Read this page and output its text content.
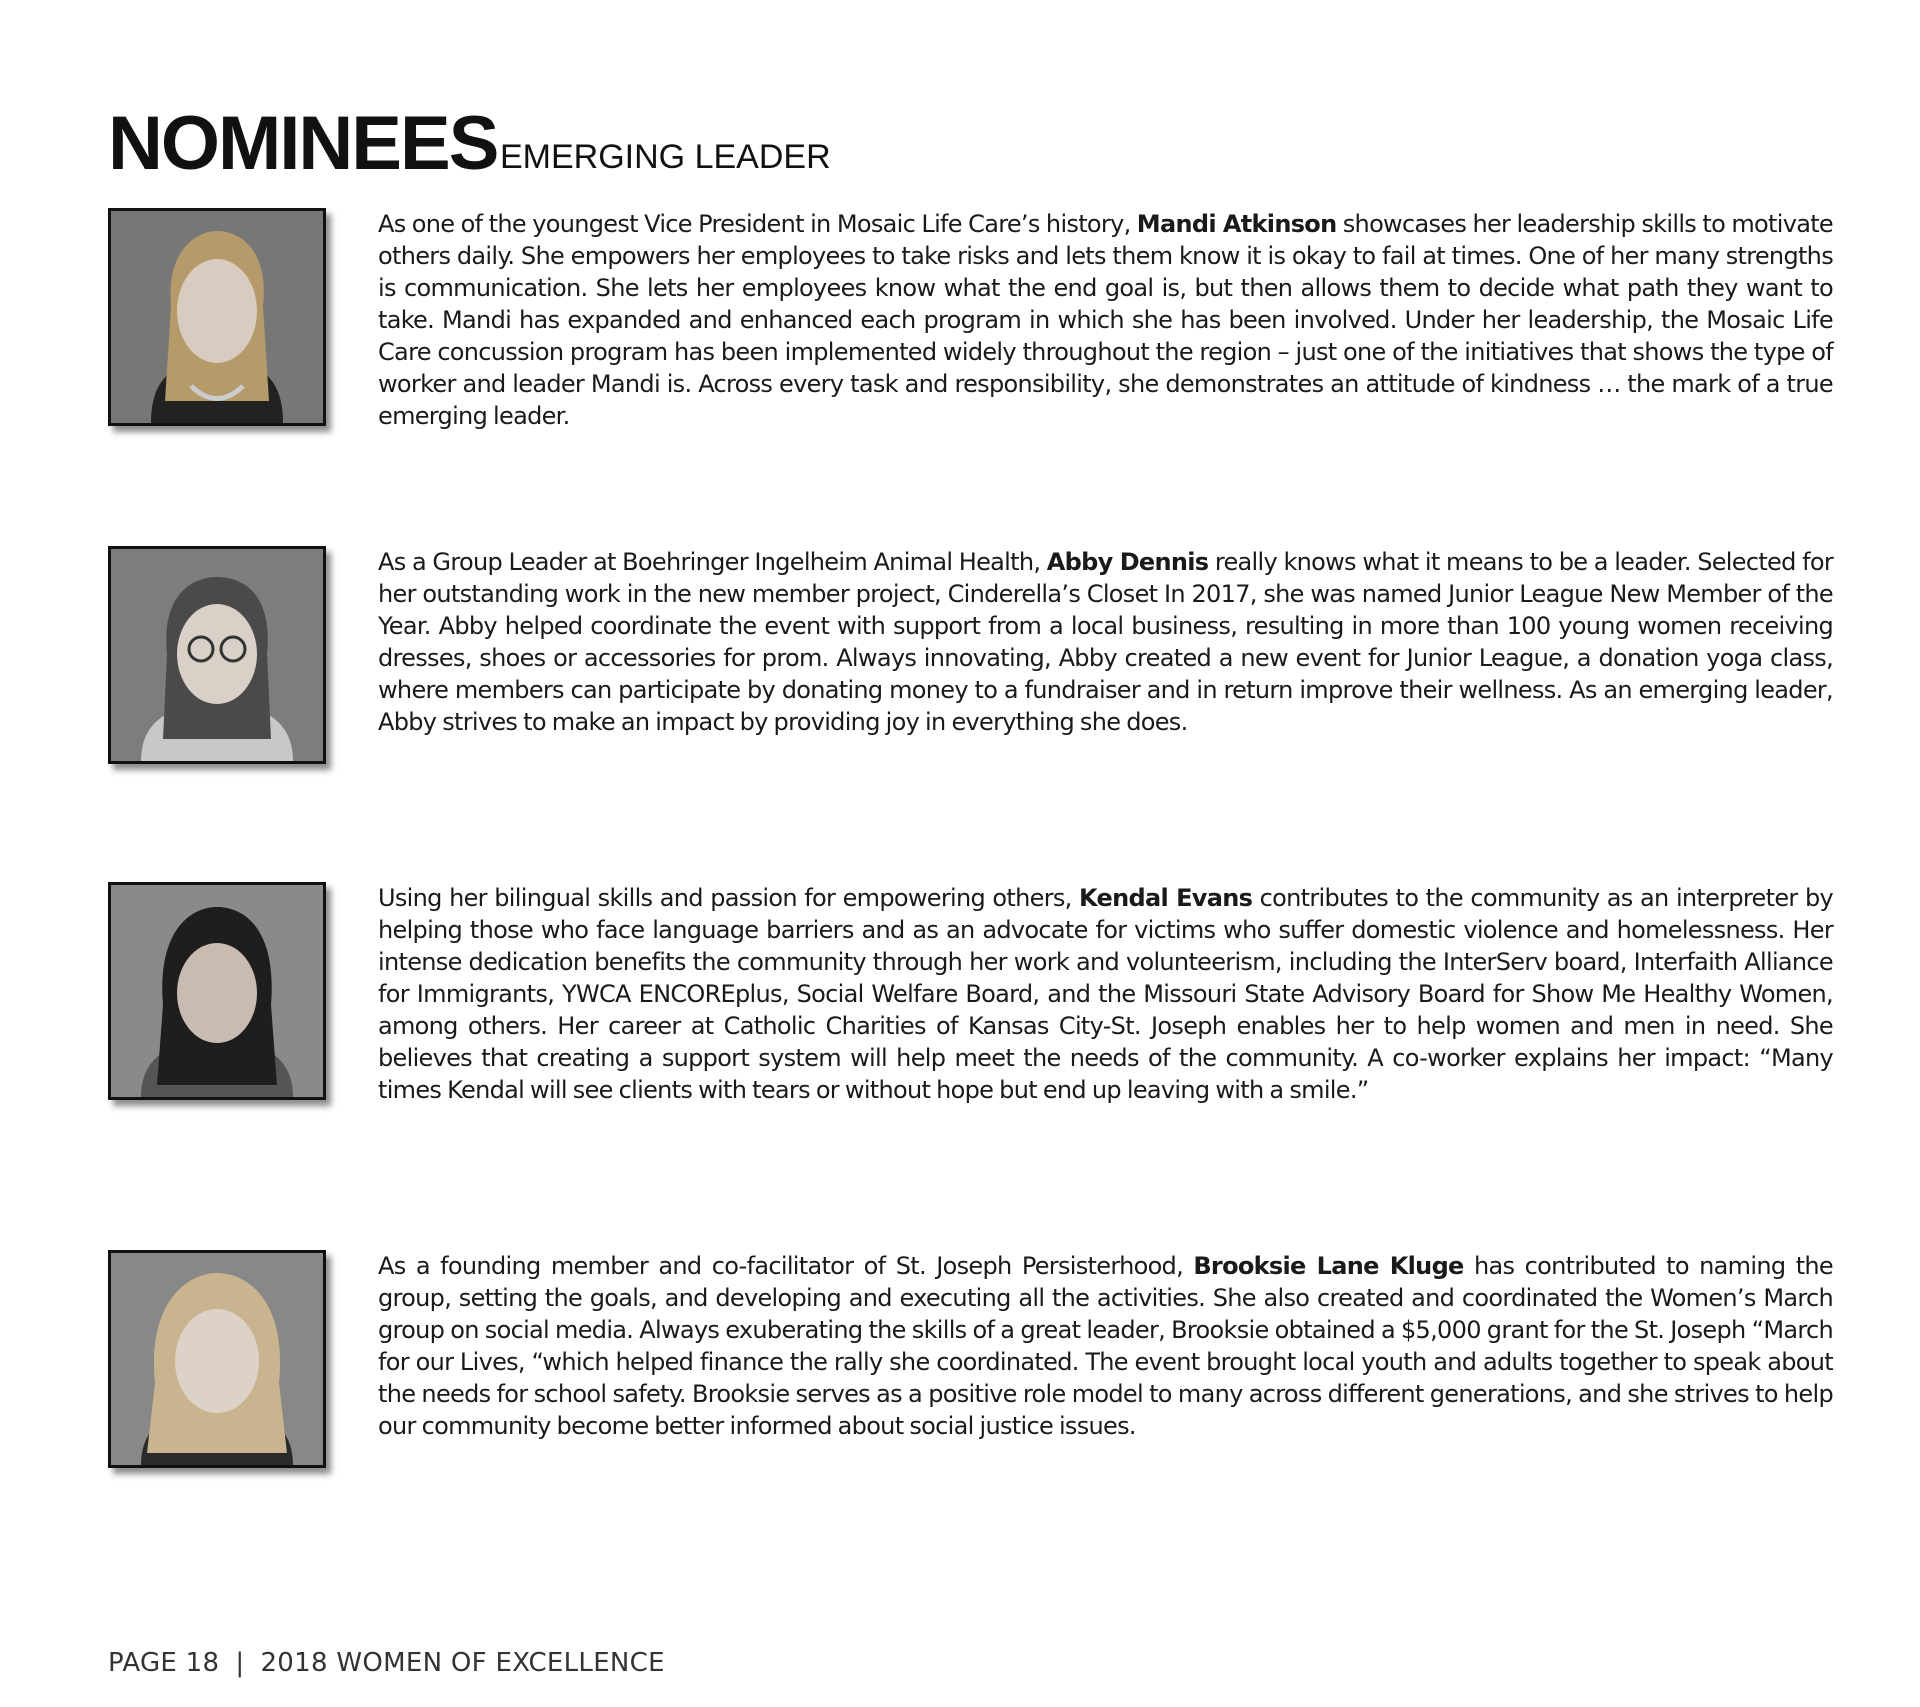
NOMINEES EMERGING LEADER

As one of the youngest Vice President in Mosaic Life Care’s history, Mandi Atkinson showcases her leadership skills to motivate others daily. She empowers her employees to take risks and lets them know it is okay to fail at times. One of her many strengths is communication. She lets her employees know what the end goal is, but then allows them to decide what path they want to take. Mandi has expanded and enhanced each program in which she has been involved. Under her leadership, the Mosaic Life Care concussion program has been implemented widely throughout the region – just one of the initiatives that shows the type of worker and leader Mandi is. Across every task and responsibility, she demonstrates an attitude of kindness … the mark of a true emerging leader.

As a Group Leader at Boehringer Ingelheim Animal Health, Abby Dennis really knows what it means to be a leader. Selected for her outstanding work in the new member project, Cinderella’s Closet In 2017, she was named Junior League New Member of the Year. Abby helped coordinate the event with support from a local business, resulting in more than 100 young women receiving dresses, shoes or accessories for prom. Always innovating, Abby created a new event for Junior League, a donation yoga class, where members can participate by donating money to a fundraiser and in return improve their wellness. As an emerging leader, Abby strives to make an impact by providing joy in everything she does.

Using her bilingual skills and passion for empowering others, Kendal Evans contributes to the community as an interpreter by helping those who face language barriers and as an advocate for victims who suffer domestic violence and homelessness. Her intense dedication benefits the community through her work and volunteerism, including the InterServ board, Interfaith Alliance for Immigrants, YWCA ENCOREplus, Social Welfare Board, and the Missouri State Advisory Board for Show Me Healthy Women, among others. Her career at Catholic Charities of Kansas City-St. Joseph enables her to help women and men in need. She believes that creating a support system will help meet the needs of the community. A co-worker explains her impact: “Many times Kendal will see clients with tears or without hope but end up leaving with a smile.”

As a founding member and co-facilitator of St. Joseph Persisterhood, Brooksie Lane Kluge has contributed to naming the group, setting the goals, and developing and executing all the activities. She also created and coordinated the Women’s March group on social media. Always exuberating the skills of a great leader, Brooksie obtained a $5,000 grant for the St. Joseph “March for our Lives, “which helped finance the rally she coordinated. The event brought local youth and adults together to speak about the needs for school safety. Brooksie serves as a positive role model to many across different generations, and she strives to help our community become better informed about social justice issues.

PAGE 18 | 2018 WOMEN OF EXCELLENCE
